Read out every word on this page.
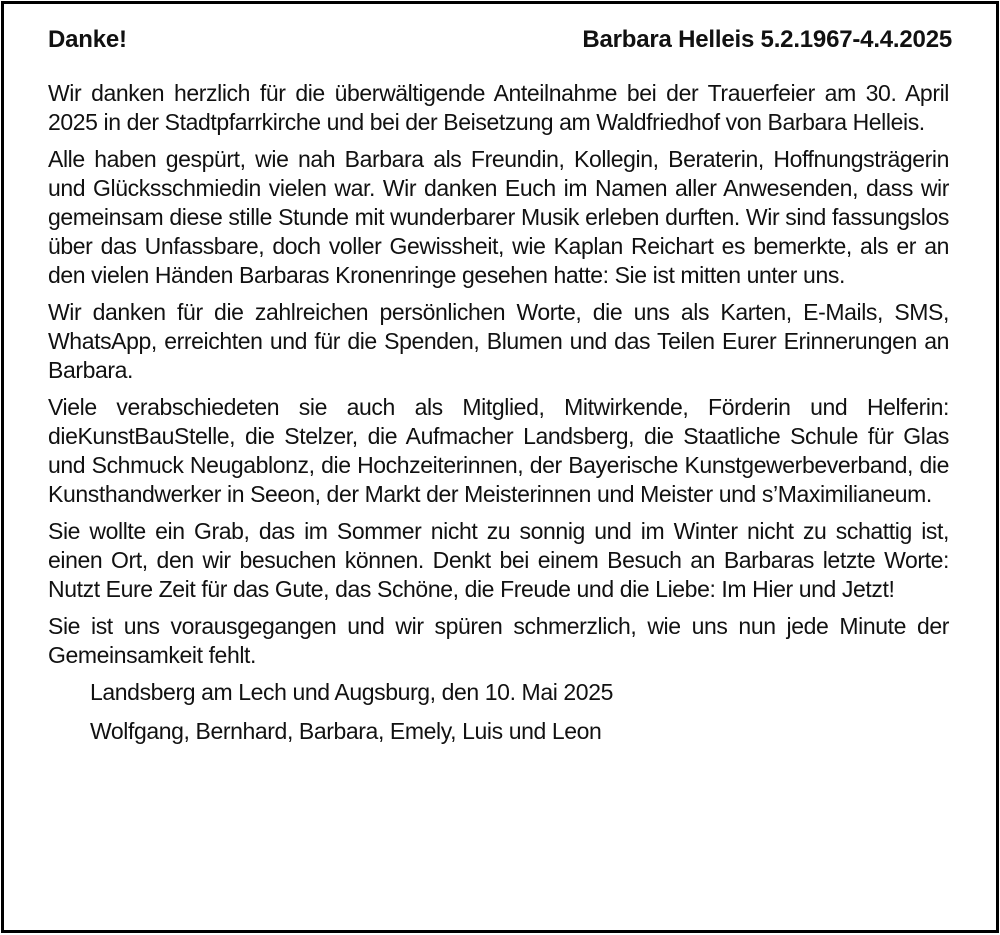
Danke!	Barbara Helleis 5.2.1967-4.4.2025

Wir danken herzlich für die überwältigende Anteilnahme bei der Trauerfeier am 30. April 2025 in der Stadtpfarrkirche und bei der Beisetzung am Waldfriedhof von Barbara Helleis.

Alle haben gespürt, wie nah Barbara als Freundin, Kollegin, Beraterin, Hoffnungsträgerin und Glücksschmiedin vielen war. Wir danken Euch im Namen aller Anwesenden, dass wir gemeinsam diese stille Stunde mit wunderbarer Musik erleben durften. Wir sind fassungslos über das Unfassbare, doch voller Gewissheit, wie Kaplan Reichart es bemerkte, als er an den vielen Händen Barbaras Kronenringe gesehen hatte: Sie ist mitten unter uns.

Wir danken für die zahlreichen persönlichen Worte, die uns als Karten, E-Mails, SMS, WhatsApp, erreichten und für die Spenden, Blumen und das Teilen Eurer Erinnerungen an Barbara.

Viele verabschiedeten sie auch als Mitglied, Mitwirkende, Förderin und Helferin: dieKunstBauStelle, die Stelzer, die Aufmacher Landsberg, die Staatliche Schule für Glas und Schmuck Neugablonz, die Hochzeiterinnen, der Bayerische Kunstgewerbeverband, die Kunsthandwerker in Seeon, der Markt der Meisterinnen und Meister und s’Maximilianeum.

Sie wollte ein Grab, das im Sommer nicht zu sonnig und im Winter nicht zu schattig ist, einen Ort, den wir besuchen können. Denkt bei einem Besuch an Barbaras letzte Worte: Nutzt Eure Zeit für das Gute, das Schöne, die Freude und die Liebe: Im Hier und Jetzt!

Sie ist uns vorausgegangen und wir spüren schmerzlich, wie uns nun jede Minute der Gemeinsamkeit fehlt.

Landsberg am Lech und Augsburg, den 10. Mai 2025
Wolfgang, Bernhard, Barbara, Emely, Luis und Leon
